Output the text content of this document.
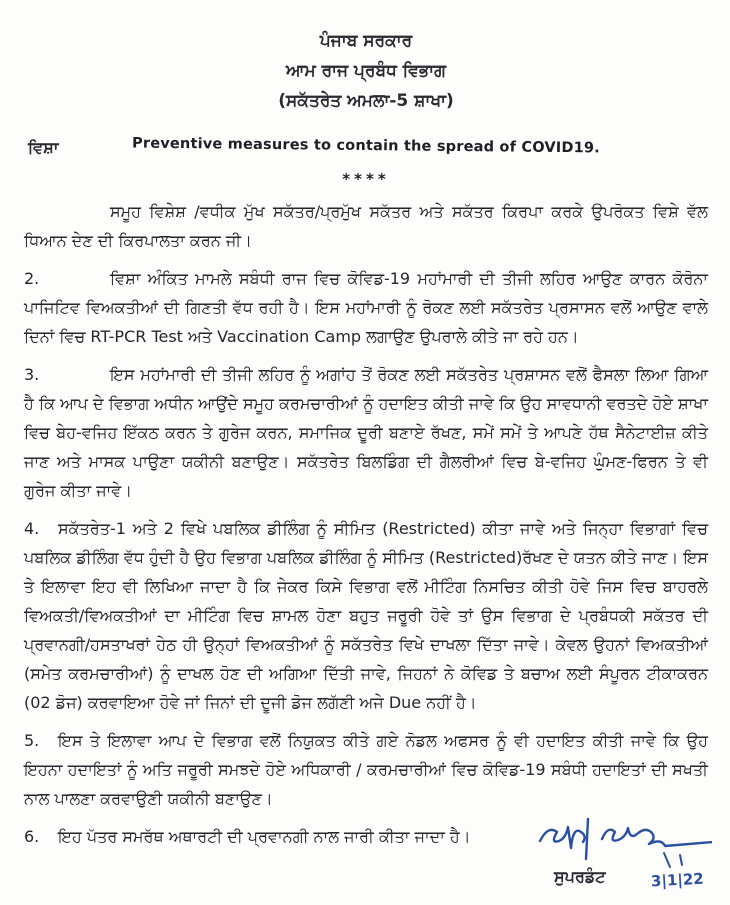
ਪੰਜਾਬ ਸਰਕਾਰ
ਆਮ ਰਾਜ ਪ੍ਰਬੰਧ ਵਿਭਾਗ
(ਸਕੱਤਰੇਤ ਅਮਲਾ-5 ਸ਼ਾਖਾ)
ਵਿਸ਼ਾ	Preventive measures to contain the spread of COVID19.
****
ਸਮੂਹ ਵਿਸ਼ੇਸ਼ /ਵਧੀਕ ਮੁੱਖ ਸਕੱਤਰ/ਪ੍ਰਮੁੱਖ ਸਕੱਤਰ ਅਤੇ ਸਕੱਤਰ ਕਿਰਪਾ ਕਰਕੇ ਉਪਰੋਕਤ ਵਿਸ਼ੇ ਵੱਲ ਧਿਆਨ ਦੇਣ ਦੀ ਕਿਰਪਾਲਤਾ ਕਰਨ ਜੀ।
2.	ਵਿਸ਼ਾ ਅੰਕਿਤ ਮਾਮਲੇ ਸਬੰਧੀ ਰਾਜ ਵਿਚ ਕੋਵਿਡ-19 ਮਹਾਂਮਾਰੀ ਦੀ ਤੀਜੀ ਲਹਿਰ ਆਉਣ ਕਾਰਨ ਕੋਰੋਨਾ ਪਾਜਿਟਿਵ ਵਿਅਕਤੀਆਂ ਦੀ ਗਿਣਤੀ ਵੱਧ ਰਹੀ ਹੈ। ਇਸ ਮਹਾਂਮਾਰੀ ਨੂੰ ਰੋਕਣ ਲਈ ਸਕੱਤਰੇਤ ਪ੍ਰਸਾਸਨ ਵਲੋਂ ਆਉਣ ਵਾਲੇ ਦਿਨਾਂ ਵਿਚ RT-PCR Test ਅਤੇ Vaccination Camp ਲਗਾਉਣ ਉਪਰਾਲੇ ਕੀਤੇ ਜਾ ਰਹੇ ਹਨ।
3.	ਇਸ ਮਹਾਂਮਾਰੀ ਦੀ ਤੀਜੀ ਲਹਿਰ ਨੂੰ ਅਗਾਂਹ ਤੋਂ ਰੋਕਣ ਲਈ ਸਕੱਤਰੇਤ ਪ੍ਰਸ਼ਾਸਨ ਵਲੋਂ ਫੈਸਲਾ ਲਿਆ ਗਿਆ ਹੈ ਕਿ ਆਪ ਦੇ ਵਿਭਾਗ ਅਧੀਨ ਆਉਂਦੇ ਸਮੂਹ ਕਰਮਚਾਰੀਆਂ ਨੂੰ ਹਦਾਇਤ ਕੀਤੀ ਜਾਵੇ ਕਿ ਉਹ ਸਾਵਧਾਨੀ ਵਰਤਦੇ ਹੋਏ ਸ਼ਾਖਾ ਵਿਚ ਬੇਹ-ਵਜਿਹ ਇੱਕਠ ਕਰਨ ਤੇ ਗੁਰੇਜ ਕਰਨ, ਸਮਾਜਿਕ ਦੂਰੀ ਬਣਾਏ ਰੱਖਣ, ਸਮੇਂ ਸਮੇਂ ਤੇ ਆਪਣੇ ਹੱਥ ਸੈਨੇਟਾਈਜ਼ ਕੀਤੇ ਜਾਣ ਅਤੇ ਮਾਸਕ ਪਾਉਣਾ ਯਕੀਨੀ ਬਣਾਉਣ। ਸਕੱਤਰੇਤ ਬਿਲਡਿੰਗ ਦੀ ਗੈਲਰੀਆਂ ਵਿਚ ਬੇ-ਵਜਿਹ ਘੁੰਮਣ-ਫਿਰਨ ਤੇ ਵੀ ਗੁਰੇਜ ਕੀਤਾ ਜਾਵੇ।
4.	ਸਕੱਤਰੇਤ-1 ਅਤੇ 2 ਵਿਖੇ ਪਬਲਿਕ ਡੀਲਿੰਗ ਨੂੰ ਸੀਮਿਤ (Restricted) ਕੀਤਾ ਜਾਵੇ ਅਤੇ ਜਿਨ੍ਹਾ ਵਿਭਾਗਾਂ ਵਿਚ ਪਬਲਿਕ ਡੀਲਿੰਗ ਵੱਧ ਹੁੰਦੀ ਹੈ ਉਹ ਵਿਭਾਗ ਪਬਲਿਕ ਡੀਲਿੰਗ ਨੂੰ ਸੀਮਿਤ (Restricted)ਰੱਖਣ ਦੇ ਯਤਨ ਕੀਤੇ ਜਾਣ। ਇਸ ਤੇ ਇਲਾਵਾ ਇਹ ਵੀ ਲਿਖਿਆ ਜਾਦਾ ਹੈ ਕਿ ਜੇਕਰ ਕਿਸੇ ਵਿਭਾਗ ਵਲੋਂ ਮੀਟਿੰਗ ਨਿਸਚਿਤ ਕੀਤੀ ਹੋਵੇ ਜਿਸ ਵਿਚ ਬਾਹਰਲੇ ਵਿਅਕਤੀ/ਵਿਅਕਤੀਆਂ ਦਾ ਮੀਟਿੰਗ ਵਿਚ ਸ਼ਾਮਲ ਹੋਣਾ ਬਹੁਤ ਜਰੂਰੀ ਹੋਵੇ ਤਾਂ ਉਸ ਵਿਭਾਗ ਦੇ ਪ੍ਰਬੰਧਕੀ ਸਕੱਤਰ ਦੀ ਪ੍ਰਵਾਨਗੀ/ਹਸਤਾਖਰਾਂ ਹੇਠ ਹੀ ਉਨ੍ਹਾਂ ਵਿਅਕਤੀਆਂ ਨੂੰ ਸਕੱਤਰੇਤ ਵਿਖੇ ਦਾਖਲਾ ਦਿੱਤਾ ਜਾਵੇ। ਕੇਵਲ ਉਹਨਾਂ ਵਿਅਕਤੀਆਂ (ਸਮੇਤ ਕਰਮਚਾਰੀਆਂ) ਨੂੰ ਦਾਖਲ ਹੋਣ ਦੀ ਅਗਿਆ ਦਿੱਤੀ ਜਾਵੇ, ਜਿਹਨਾਂ ਨੇ ਕੋਵਿਡ ਤੇ ਬਚਾਅ ਲਈ ਸੰਪੂਰਨ ਟੀਕਾਕਰਨ (02 ਡੋਜ) ਕਰਵਾਇਆ ਹੋਵੇ ਜਾਂ ਜਿਨਾਂ ਦੀ ਦੂਜੀ ਡੋਜ ਲਗੱਣੀ ਅਜੇ Due ਨਹੀਂ ਹੈ।
5.	ਇਸ ਤੇ ਇਲਾਵਾ ਆਪ ਦੇ ਵਿਭਾਗ ਵਲੋਂ ਨਿਯੁਕਤ ਕੀਤੇ ਗਏ ਨੋਡਲ ਅਫਸਰ ਨੂੰ ਵੀ ਹਦਾਇਤ ਕੀਤੀ ਜਾਵੇ ਕਿ ਉਹ ਇਹਨਾ ਹਦਾਇਤਾਂ ਨੂੰ ਅਤਿ ਜਰੂਰੀ ਸਮਝਦੇ ਹੋਏ ਅਧਿਕਾਰੀ / ਕਰਮਚਾਰੀਆਂ ਵਿਚ ਕੋਵਿਡ-19 ਸਬੰਧੀ ਹਦਾਇਤਾਂ ਦੀ ਸਖਤੀ ਨਾਲ ਪਾਲਣਾ ਕਰਵਾਉਣੀ ਯਕੀਨੀ ਬਣਾਉਣ।
6.	ਇਹ ਪੱਤਰ ਸਮਰੱਥ ਅਥਾਰਟੀ ਦੀ ਪ੍ਰਵਾਨਗੀ ਨਾਲ ਜਾਰੀ ਕੀਤਾ ਜਾਦਾ ਹੈ।
ਸੁਪਰਡੰਟ	3|1|22
